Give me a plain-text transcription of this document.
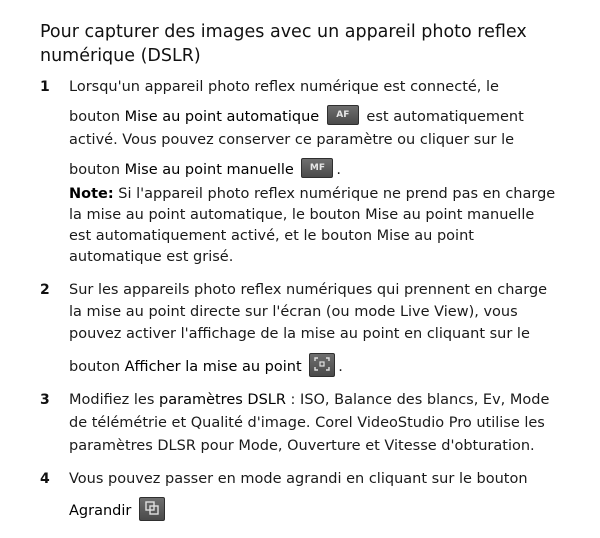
Pour capturer des images avec un appareil photo reflex
numérique (DSLR)
1 Lorsqu'un appareil photo reflex numérique est connecté, le
bouton Mise au point automatique AF est automatiquement
activé. Vous pouvez conserver ce paramètre ou cliquer sur le
bouton Mise au point manuelle MF .
Note: Si l'appareil photo reflex numérique ne prend pas en charge
la mise au point automatique, le bouton Mise au point manuelle
est automatiquement activé, et le bouton Mise au point
automatique est grisé.
2 Sur les appareils photo reflex numériques qui prennent en charge
la mise au point directe sur l'écran (ou mode Live View), vous
pouvez activer l'affichage de la mise au point en cliquant sur le
bouton Afficher la mise au point	.
3 Modifiez les paramètres DSLR : ISO, Balance des blancs, Ev, Mode
de télémétrie et Qualité d'image. Corel VideoStudio Pro utilise les
paramètres DLSR pour Mode, Ouverture et Vitesse d'obturation.
4 Vous pouvez passer en mode agrandi en cliquant sur le bouton
Agrandir
